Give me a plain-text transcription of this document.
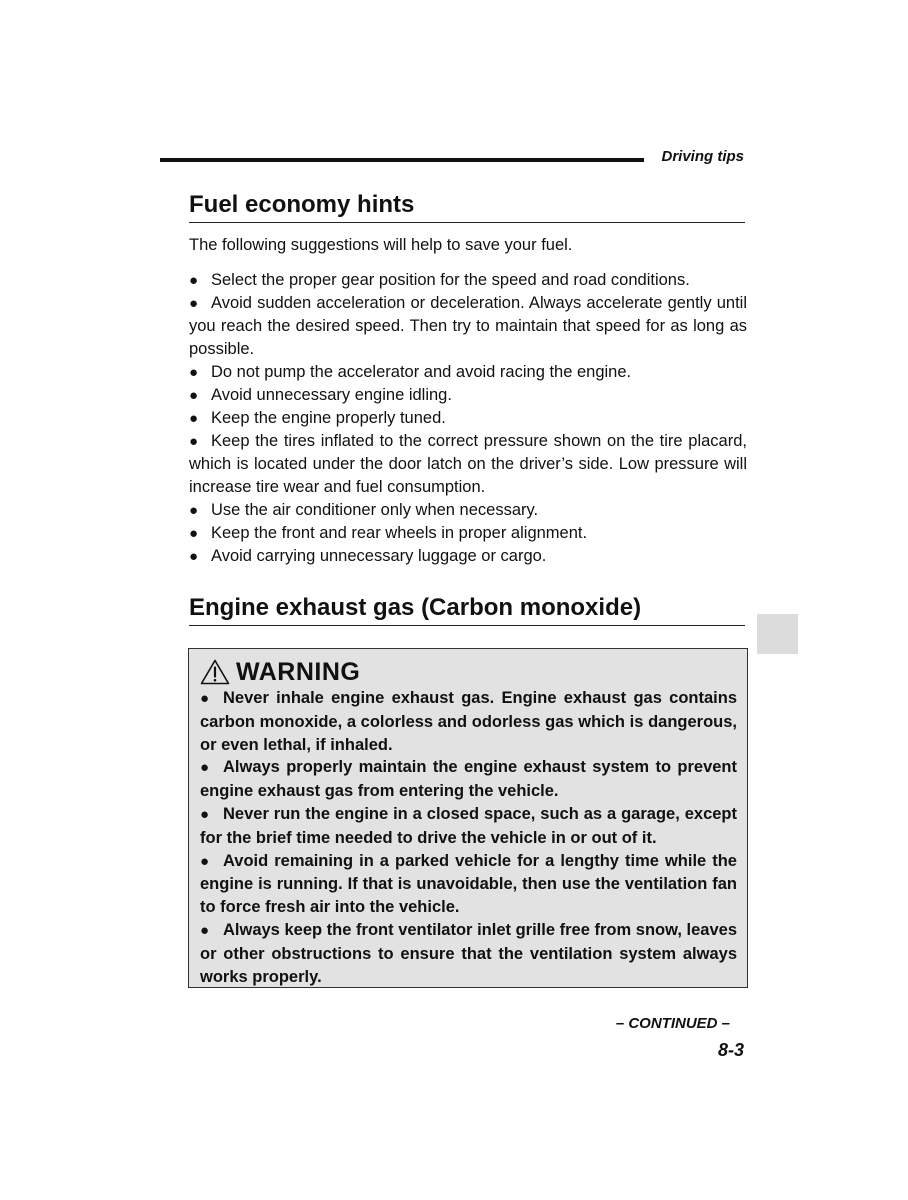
Driving tips
Fuel economy hints
The following suggestions will help to save your fuel.
● Select the proper gear position for the speed and road conditions.
● Avoid sudden acceleration or deceleration. Always accelerate gently until you reach the desired speed. Then try to maintain that speed for as long as possible.
● Do not pump the accelerator and avoid racing the engine.
● Avoid unnecessary engine idling.
● Keep the engine properly tuned.
● Keep the tires inflated to the correct pressure shown on the tire placard, which is located under the door latch on the driver’s side. Low pressure will increase tire wear and fuel consumption.
● Use the air conditioner only when necessary.
● Keep the front and rear wheels in proper alignment.
● Avoid carrying unnecessary luggage or cargo.
Engine exhaust gas (Carbon monoxide)
WARNING
● Never inhale engine exhaust gas. Engine exhaust gas contains carbon monoxide, a colorless and odorless gas which is dangerous, or even lethal, if inhaled.
● Always properly maintain the engine exhaust system to prevent engine exhaust gas from entering the vehicle.
● Never run the engine in a closed space, such as a garage, except for the brief time needed to drive the vehicle in or out of it.
● Avoid remaining in a parked vehicle for a lengthy time while the engine is running. If that is unavoidable, then use the ventilation fan to force fresh air into the vehicle.
● Always keep the front ventilator inlet grille free from snow, leaves or other obstructions to ensure that the ventilation system always works properly.
– CONTINUED –
8-3
